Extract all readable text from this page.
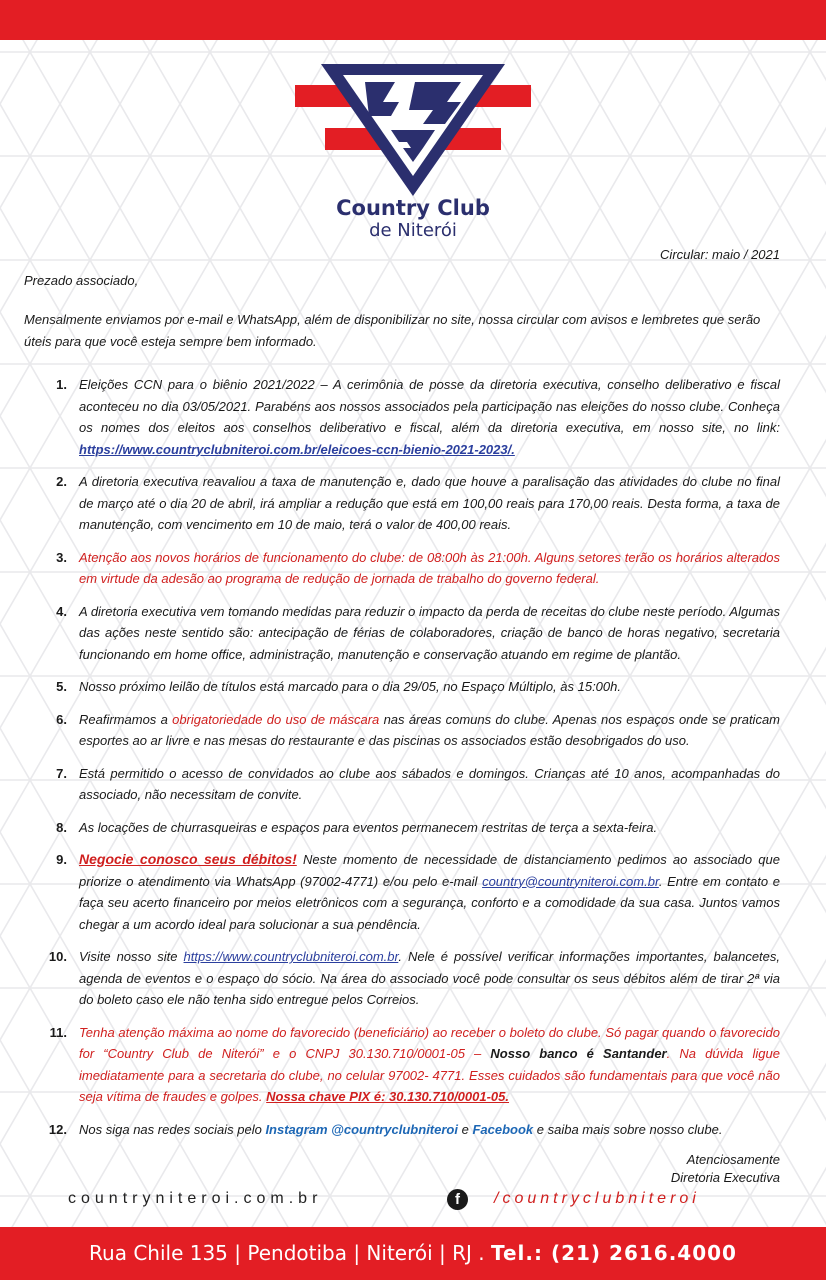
Country Club
de Niterói

Circular: maio / 2021

Prezado associado,

Mensalmente enviamos por e-mail e WhatsApp, além de disponibilizar no site, nossa circular com avisos e lembretes que serão úteis para que você esteja sempre bem informado.

1. Eleições CCN para o biênio 2021/2022 – A cerimônia de posse da diretoria executiva, conselho deliberativo e fiscal aconteceu no dia 03/05/2021. Parabéns aos nossos associados pela participação nas eleições do nosso clube. Conheça os nomes dos eleitos aos conselhos deliberativo e fiscal, além da diretoria executiva, em nosso site, no link: https://www.countryclubniteroi.com.br/eleicoes-ccn-bienio-2021-2023/.
2. A diretoria executiva reavaliou a taxa de manutenção e, dado que houve a paralisação das atividades do clube no final de março até o dia 20 de abril, irá ampliar a redução que está em 100,00 reais para 170,00 reais. Desta forma, a taxa de manutenção, com vencimento em 10 de maio, terá o valor de 400,00 reais.
3. Atenção aos novos horários de funcionamento do clube: de 08:00h às 21:00h. Alguns setores terão os horários alterados em virtude da adesão ao programa de redução de jornada de trabalho do governo federal.
4. A diretoria executiva vem tomando medidas para reduzir o impacto da perda de receitas do clube neste período. Algumas das ações neste sentido são: antecipação de férias de colaboradores, criação de banco de horas negativo, secretaria funcionando em home office, administração, manutenção e conservação atuando em regime de plantão.
5. Nosso próximo leilão de títulos está marcado para o dia 29/05, no Espaço Múltiplo, às 15:00h.
6. Reafirmamos a obrigatoriedade do uso de máscara nas áreas comuns do clube. Apenas nos espaços onde se praticam esportes ao ar livre e nas mesas do restaurante e das piscinas os associados estão desobrigados do uso.
7. Está permitido o acesso de convidados ao clube aos sábados e domingos. Crianças até 10 anos, acompanhadas do associado, não necessitam de convite.
8. As locações de churrasqueiras e espaços para eventos permanecem restritas de terça a sexta-feira.
9. Negocie conosco seus débitos! Neste momento de necessidade de distanciamento pedimos ao associado que priorize o atendimento via WhatsApp (97002-4771) e/ou pelo e-mail country@countryniteroi.com.br. Entre em contato e faça seu acerto financeiro por meios eletrônicos com a segurança, conforto e a comodidade da sua casa. Juntos vamos chegar a um acordo ideal para solucionar a sua pendência.
10. Visite nosso site https://www.countryclubniteroi.com.br. Nele é possível verificar informações importantes, balancetes, agenda de eventos e o espaço do sócio. Na área do associado você pode consultar os seus débitos além de tirar 2ª via do boleto caso ele não tenha sido entregue pelos Correios.
11. Tenha atenção máxima ao nome do favorecido (beneficiário) ao receber o boleto do clube. Só pagar quando o favorecido for “Country Club de Niterói” e o CNPJ 30.130.710/0001-05 – Nosso banco é Santander. Na dúvida ligue imediatamente para a secretaria do clube, no celular 97002- 4771. Esses cuidados são fundamentais para que você não seja vítima de fraudes e golpes. Nossa chave PIX é: 30.130.710/0001-05.
12. Nos siga nas redes sociais pelo Instagram @countryclubniteroi e Facebook e saiba mais sobre nosso clube.
Atenciosamente
Diretoria Executiva
countryniteroi.com.br	f	/countryclubniteroi
Rua Chile 135 | Pendotiba | Niterói | RJ . Tel.: (21) 2616.4000
